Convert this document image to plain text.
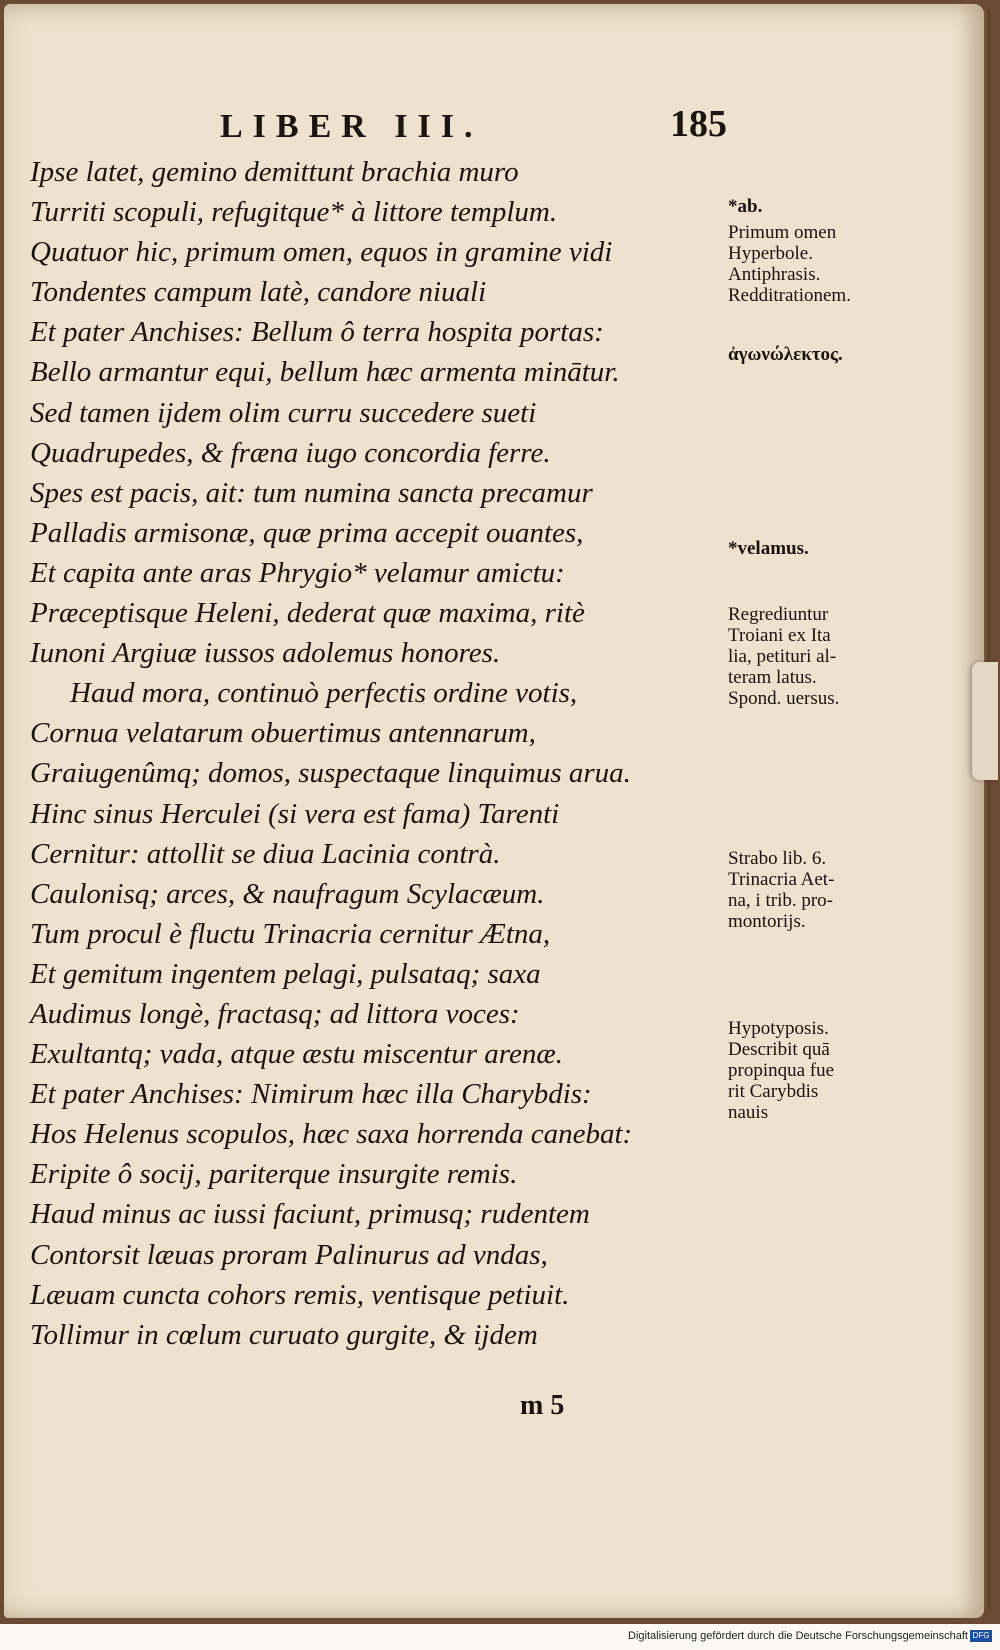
LIBER III.	185
Ipse latet, gemino demittunt brachia muro
Turriti scopuli, refugitque* à littore templum.
Quatuor hic, primum omen, equos in gramine vidi
Tondentes campum latè, candore niuali
Et pater Anchises: Bellum ô terra hospita portas:
Bello armantur equi, bellum hæc armenta minātur.
Sed tamen ijdem olim curru succedere sueti
Quadrupedes, & fræna iugo concordia ferre.
Spes est pacis, ait: tum numina sancta precamur
Palladis armisonæ, quæ prima accepit ouantes,
Et capita ante aras Phrygio* velamur amictu:
Præceptisque Heleni, dederat quæ maxima, ritè
Iunoni Argiuæ iussos adolemus honores.
Haud mora, continuò perfectis ordine votis,
Cornua velatarum obuertimus antennarum,
Graiugenûmq; domos, suspectaque linquimus arua.
Hinc sinus Herculei (si vera est fama) Tarenti
Cernitur: attollit se diua Lacinia contrà.
Caulonisq; arces, & naufragum Scylacæum.
Tum procul è fluctu Trinacria cernitur Ætna,
Et gemitum ingentem pelagi, pulsataq; saxa
Audimus longè, fractasq; ad littora voces:
Exultantq; vada, atque æstu miscentur arenæ.
Et pater Anchises: Nimirum hæc illa Charybdis:
Hos Helenus scopulos, hæc saxa horrenda canebat:
Eripite ô socij, pariterque insurgite remis.
Haud minus ac iussi faciunt, primusq; rudentem
Contorsit læuas proram Palinurus ad vndas,
Læuam cuncta cohors remis, ventisque petiuit.
Tollimur in cœlum curuato gurgite, & ijdem
*ab.
Primum omen
Hyperbole.
Antiphrasis.
Redditrationem.
ἀγωνώλεκτος.
*velamus.
Regrediuntur
Troiani ex Ita
lia, petituri al-
teram latus.
Spond. uersus.
Strabo lib. 6.
Trinacria Aet-
na, i trib. pro-
montorijs.
Hypotyposis.
Describit quā
propinqua fue
rit Carybdis
nauis
m 5
Digitalisierung gefördert durch die Deutsche Forschungsgemeinschaft DFG
